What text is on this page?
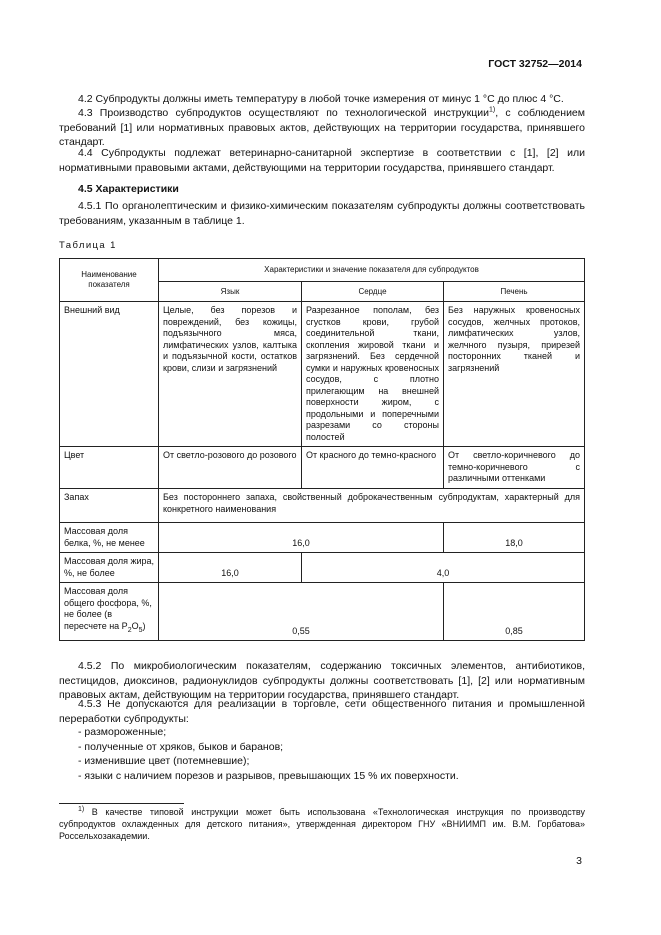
ГОСТ 32752—2014
4.2 Субпродукты должны иметь температуру в любой точке измерения от минус 1 °С до плюс 4 °С.
4.3 Производство субпродуктов осуществляют по технологической инструкции$^{1)}$, с соблюдением требований [1] или нормативных правовых актов, действующих на территории государства, принявшего стандарт.
4.4 Субпродукты подлежат ветеринарно-санитарной экспертизе в соответствии с [1], [2] или нормативными правовыми актами, действующими на территории государства, принявшего стандарт.
4.5 Характеристики
4.5.1 По органолептическим и физико-химическим показателям субпродукты должны соответствовать требованиям, указанным в таблице 1.
Таблица 1
Наименование показателя	Характеристики и значение показателя для субпродуктов		
	Язык	Сердце	Печень
Внешний вид	Целые, без порезов и повреждений, без кожицы, подъязычного мяса, лимфатических узлов, калтыка и подъязычной кости, остатков крови, слизи и загрязнений	Разрезанное пополам, без сгустков крови, грубой соединительной ткани, скопления жировой ткани и загрязнений. Без сердечной сумки и наружных кровеносных сосудов, с плотно прилегающим на внешней поверхности жиром, с продольными и поперечными разрезами со стороны полостей	Без наружных кровеносных сосудов, желчных протоков, лимфатических узлов, желчного пузыря, прирезей посторонних тканей и загрязнений
Цвет	От светло-розового до розового	От красного до темно-красного	От светло-коричневого до темно-коричневого с различными оттенками
Запах	Без постороннего запаха, свойственный доброкачественным субпродуктам, характерный для конкретного наименования		
Массовая доля белка, %, не менее	16,0		18,0
Массовая доля жира, %, не более	16,0	4,0	
Массовая доля общего фосфора, %, не более (в пересчете на $P_2O_5$)	0,55		0,85
4.5.2 По микробиологическим показателям, содержанию токсичных элементов, антибиотиков, пестицидов, диоксинов, радионуклидов субпродукты должны соответствовать [1], [2] или нормативным правовых актам, действующим на территории государства, принявшего стандарт.
4.5.3 Не допускаются для реализации в торговле, сети общественного питания и промышленной переработки субпродукты:
- размороженные;
- полученные от хряков, быков и баранов;
- изменившие цвет (потемневшие);
- языки с наличием порезов и разрывов, превышающих 15 % их поверхности.
$^{1)}$ В качестве типовой инструкции может быть использована «Технологическая инструкция по производству субпродуктов охлажденных для детского питания», утвержденная директором ГНУ «ВНИИМП им. В.М. Горбатова» Россельхозакадемии.
3
